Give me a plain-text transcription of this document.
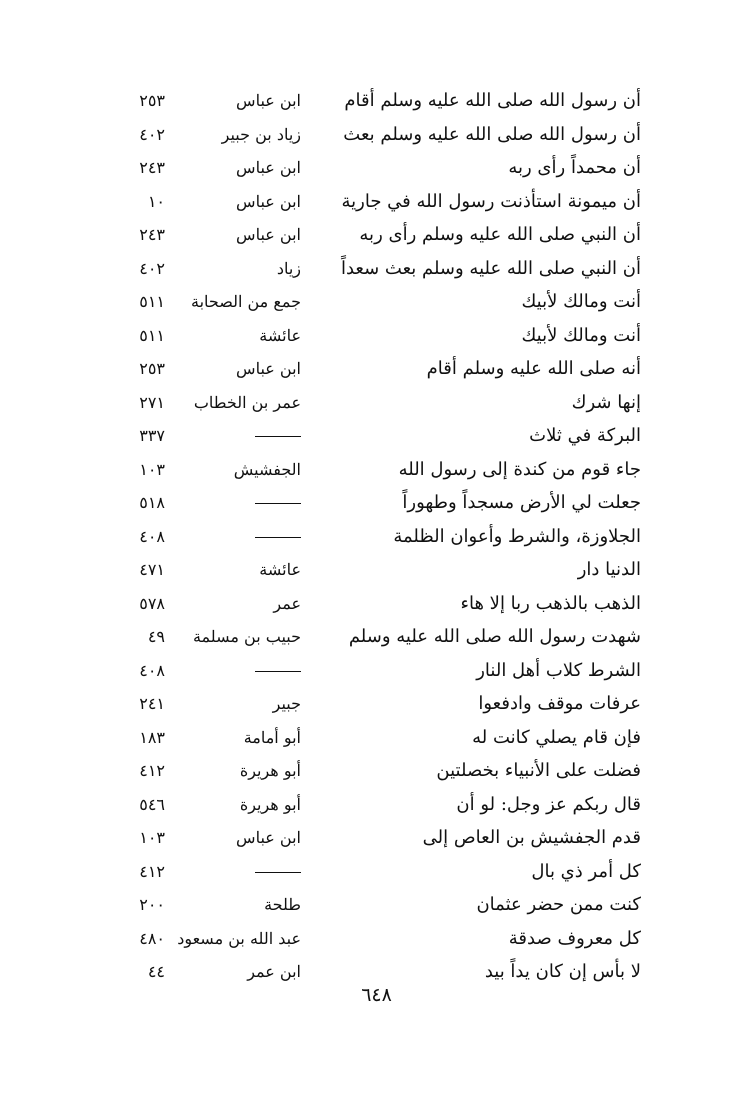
أن رسول الله صلى الله عليه وسلم أقام
ابن عباس
٢٥٣
أن رسول الله صلى الله عليه وسلم بعث
زياد بن جبير
٤٠٢
أن محمداً رأى ربه
ابن عباس
٢٤٣
أن ميمونة استأذنت رسول الله في جارية
ابن عباس
١٠
أن النبي صلى الله عليه وسلم رأى ربه
ابن عباس
٢٤٣
أن النبي صلى الله عليه وسلم بعث سعداً
زياد
٤٠٢
أنت ومالك لأبيك
جمع من الصحابة
٥١١
أنت ومالك لأبيك
عائشة
٥١١
أنه صلى الله عليه وسلم أقام
ابن عباس
٢٥٣
إنها شرك
عمر بن الخطاب
٢٧١
البركة في ثلاث
٣٣٧
جاء قوم من كندة إلى رسول الله
الجفشيش
١٠٣
جعلت لي الأرض مسجداً وطهوراً
٥١٨
الجلاوزة، والشرط وأعوان الظلمة
٤٠٨
الدنيا دار
عائشة
٤٧١
الذهب بالذهب ربا إلا هاء
عمر
٥٧٨
شهدت رسول الله صلى الله عليه وسلم
حبيب بن مسلمة
٤٩
الشرط كلاب أهل النار
٤٠٨
عرفات موقف وادفعوا
جبير
٢٤١
فإن قام يصلي كانت له
أبو أمامة
١٨٣
فضلت على الأنبياء بخصلتين
أبو هريرة
٤١٢
قال ربكم عز وجل: لو أن
أبو هريرة
٥٤٦
قدم الجفشيش بن العاص إلى
ابن عباس
١٠٣
كل أمر ذي بال
٤١٢
كنت ممن حضر عثمان
طلحة
٢٠٠
كل معروف صدقة
عبد الله بن مسعود
٤٨٠
لا بأس إن كان يداً بيد
ابن عمر
٤٤
٦٤٨
